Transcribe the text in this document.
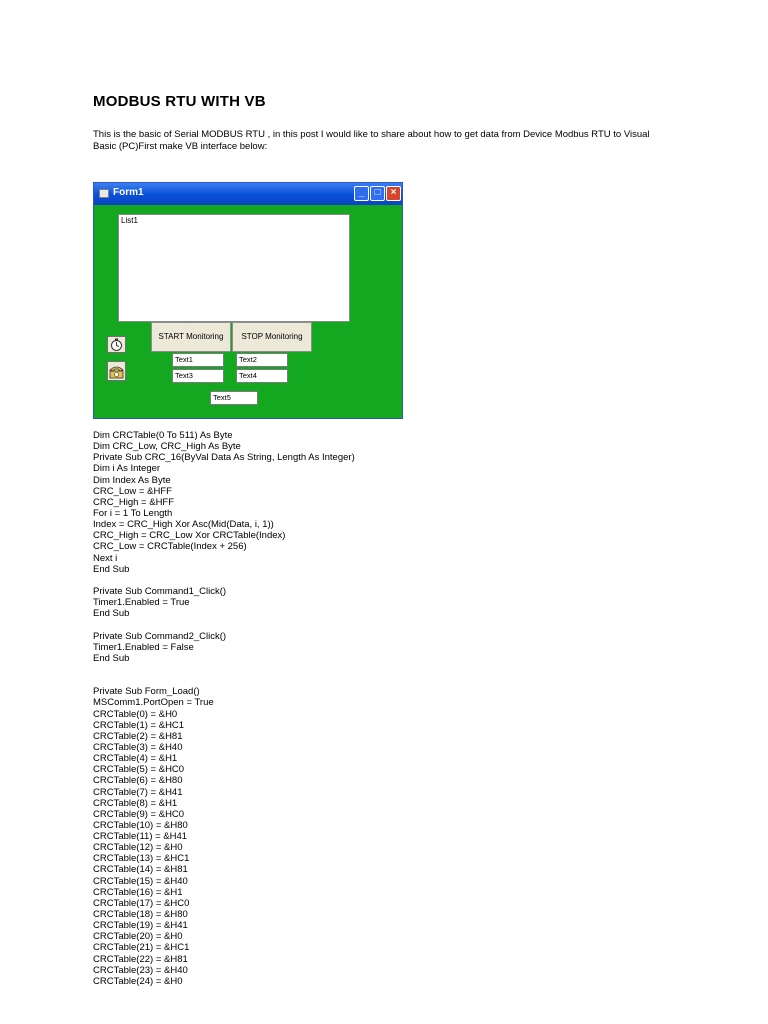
MODBUS RTU WITH VB
This is the basic of Serial MODBUS RTU , in this post I would like to share about how to get data from Device Modbus RTU to Visual
Basic (PC)First make VB interface below:
Form1	_	□	×
List1
START Monitoring	STOP Monitoring
Text1	Text2
Text3	Text4
Text5
Dim CRCTable(0 To 511) As Byte
Dim CRC_Low, CRC_High As Byte
Private Sub CRC_16(ByVal Data As String, Length As Integer)
Dim i As Integer
Dim Index As Byte
CRC_Low = &HFF
CRC_High = &HFF
For i = 1 To Length
Index = CRC_High Xor Asc(Mid(Data, i, 1))
CRC_High = CRC_Low Xor CRCTable(Index)
CRC_Low = CRCTable(Index + 256)
Next i
End Sub
Private Sub Command1_Click()
Timer1.Enabled = True
End Sub
Private Sub Command2_Click()
Timer1.Enabled = False
End Sub
Private Sub Form_Load()
MSComm1.PortOpen = True
CRCTable(0) = &H0
CRCTable(1) = &HC1
CRCTable(2) = &H81
CRCTable(3) = &H40
CRCTable(4) = &H1
CRCTable(5) = &HC0
CRCTable(6) = &H80
CRCTable(7) = &H41
CRCTable(8) = &H1
CRCTable(9) = &HC0
CRCTable(10) = &H80
CRCTable(11) = &H41
CRCTable(12) = &H0
CRCTable(13) = &HC1
CRCTable(14) = &H81
CRCTable(15) = &H40
CRCTable(16) = &H1
CRCTable(17) = &HC0
CRCTable(18) = &H80
CRCTable(19) = &H41
CRCTable(20) = &H0
CRCTable(21) = &HC1
CRCTable(22) = &H81
CRCTable(23) = &H40
CRCTable(24) = &H0
